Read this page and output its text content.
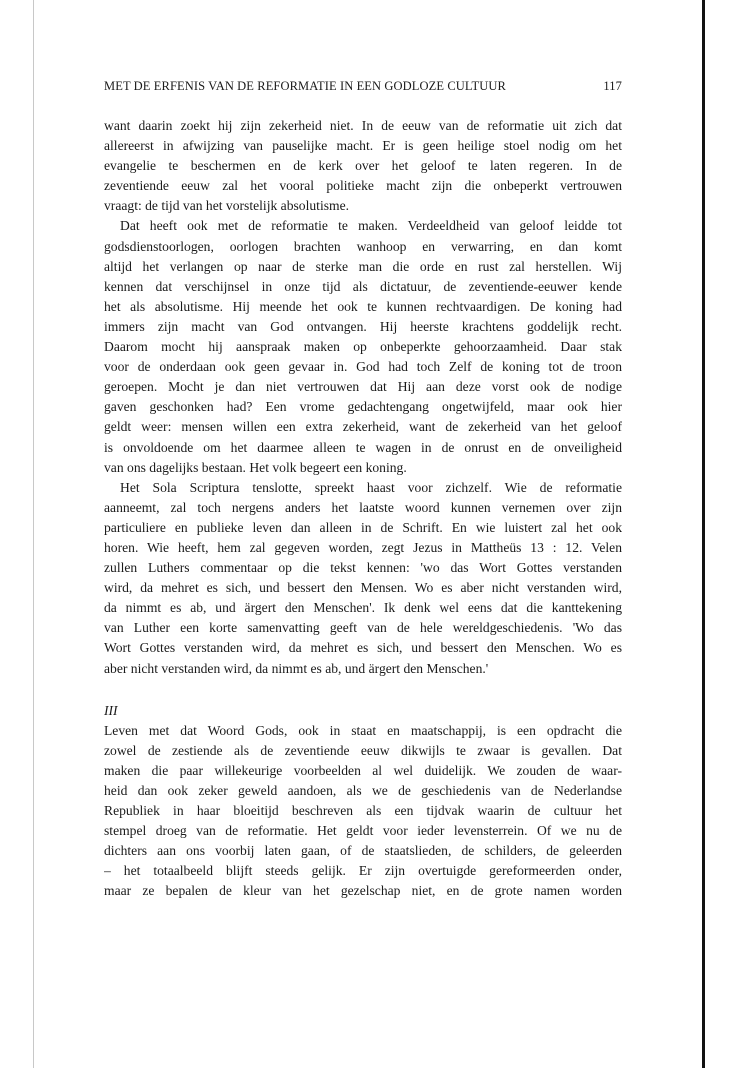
MET DE ERFENIS VAN DE REFORMATIE IN EEN GODLOZE CULTUUR	117
want daarin zoekt hij zijn zekerheid niet. In de eeuw van de reformatie uit zich dat
allereerst in afwijzing van pauselijke macht. Er is geen heilige stoel nodig om het
evangelie te beschermen en de kerk over het geloof te laten regeren. In de
zeventiende eeuw zal het vooral politieke macht zijn die onbeperkt vertrouwen
vraagt: de tijd van het vorstelijk absolutisme.
Dat heeft ook met de reformatie te maken. Verdeeldheid van geloof leidde tot
godsdienstoorlogen, oorlogen brachten wanhoop en verwarring, en dan komt
altijd het verlangen op naar de sterke man die orde en rust zal herstellen. Wij
kennen dat verschijnsel in onze tijd als dictatuur, de zeventiende-eeuwer kende
het als absolutisme. Hij meende het ook te kunnen rechtvaardigen. De koning had
immers zijn macht van God ontvangen. Hij heerste krachtens goddelijk recht.
Daarom mocht hij aanspraak maken op onbeperkte gehoorzaamheid. Daar stak
voor de onderdaan ook geen gevaar in. God had toch Zelf de koning tot de troon
geroepen. Mocht je dan niet vertrouwen dat Hij aan deze vorst ook de nodige
gaven geschonken had? Een vrome gedachtengang ongetwijfeld, maar ook hier
geldt weer: mensen willen een extra zekerheid, want de zekerheid van het geloof
is onvoldoende om het daarmee alleen te wagen in de onrust en de onveiligheid
van ons dagelijks bestaan. Het volk begeert een koning.
Het Sola Scriptura tenslotte, spreekt haast voor zichzelf. Wie de reformatie
aanneemt, zal toch nergens anders het laatste woord kunnen vernemen over zijn
particuliere en publieke leven dan alleen in de Schrift. En wie luistert zal het ook
horen. Wie heeft, hem zal gegeven worden, zegt Jezus in Mattheüs 13 : 12. Velen
zullen Luthers commentaar op die tekst kennen: 'wo das Wort Gottes verstanden
wird, da mehret es sich, und bessert den Mensen. Wo es aber nicht verstanden wird,
da nimmt es ab, und ärgert den Menschen'. Ik denk wel eens dat die kanttekening
van Luther een korte samenvatting geeft van de hele wereldgeschiedenis. 'Wo das
Wort Gottes verstanden wird, da mehret es sich, und bessert den Menschen. Wo es
aber nicht verstanden wird, da nimmt es ab, und ärgert den Menschen.'
III
Leven met dat Woord Gods, ook in staat en maatschappij, is een opdracht die
zowel de zestiende als de zeventiende eeuw dikwijls te zwaar is gevallen. Dat
maken die paar willekeurige voorbeelden al wel duidelijk. We zouden de waar-
heid dan ook zeker geweld aandoen, als we de geschiedenis van de Nederlandse
Republiek in haar bloeitijd beschreven als een tijdvak waarin de cultuur het
stempel droeg van de reformatie. Het geldt voor ieder levensterrein. Of we nu de
dichters aan ons voorbij laten gaan, of de staatslieden, de schilders, de geleerden
– het totaalbeeld blijft steeds gelijk. Er zijn overtuigde gereformeerden onder,
maar ze bepalen de kleur van het gezelschap niet, en de grote namen worden
